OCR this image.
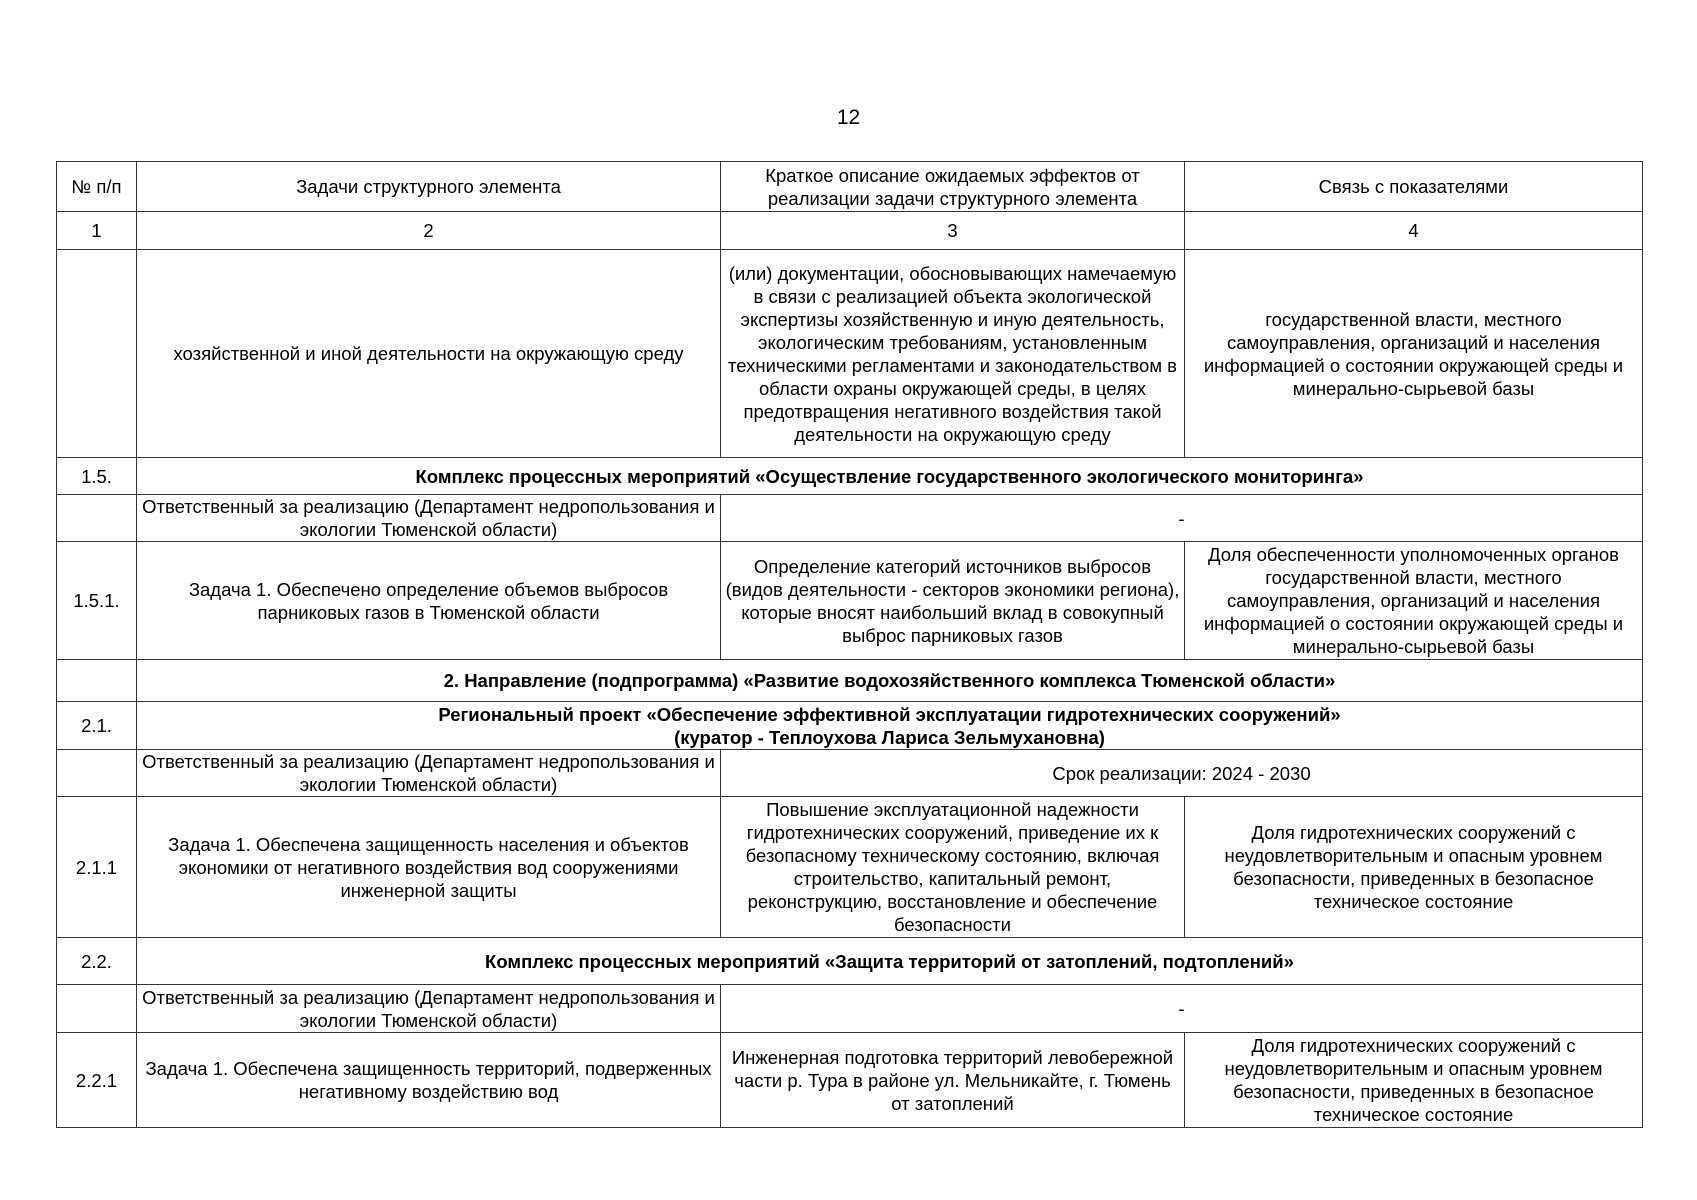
12
№ п/п	Задачи структурного элемента	Краткое описание ожидаемых эффектов от реализации задачи структурного элемента	Связь с показателями
1	2	3	4
	хозяйственной и иной деятельности на окружающую среду	(или) документации, обосновывающих намечаемую в связи с реализацией объекта экологической экспертизы хозяйственную и иную деятельность, экологическим требованиям, установленным техническими регламентами и законодательством в области охраны окружающей среды, в целях предотвращения негативного воздействия такой деятельности на окружающую среду	государственной власти, местного самоуправления, организаций и населения информацией о состоянии окружающей среды и минерально-сырьевой базы
1.5.	Комплекс процессных мероприятий «Осуществление государственного экологического мониторинга»		
	Ответственный за реализацию (Департамент недропользования и экологии Тюменской области)	-	
1.5.1.	Задача 1. Обеспечено определение объемов выбросов парниковых газов в Тюменской области	Определение категорий источников выбросов (видов деятельности - секторов экономики региона), которые вносят наибольший вклад в совокупный выброс парниковых газов	Доля обеспеченности уполномоченных органов государственной власти, местного самоуправления, организаций и населения информацией о состоянии окружающей среды и минерально-сырьевой базы
	2. Направление (подпрограмма) «Развитие водохозяйственного комплекса Тюменской области»		
2.1.	Региональный проект «Обеспечение эффективной эксплуатации гидротехнических сооружений»
(куратор - Теплоухова Лариса Зельмухановна)		

	Ответственный за реализацию (Департамент недропользования и экологии Тюменской области)	Срок реализации: 2024 - 2030	
2.1.1	Задача 1. Обеспечена защищенность населения и объектов экономики от негативного воздействия вод сооружениями инженерной защиты	Повышение эксплуатационной надежности гидротехнических сооружений, приведение их к безопасному техническому состоянию, включая строительство, капитальный ремонт, реконструкцию, восстановление и обеспечение безопасности	Доля гидротехнических сооружений с неудовлетворительным и опасным уровнем безопасности, приведенных в безопасное техническое состояние
2.2.	Комплекс процессных мероприятий «Защита территорий от затоплений, подтоплений»		
	Ответственный за реализацию (Департамент недропользования и экологии Тюменской области)	-	
2.2.1	Задача 1. Обеспечена защищенность территорий, подверженных негативному воздействию вод	Инженерная подготовка территорий левобережной части р. Тура в районе ул. Мельникайте, г. Тюмень от затоплений	Доля гидротехнических сооружений с неудовлетворительным и опасным уровнем безопасности, приведенных в безопасное техническое состояние
